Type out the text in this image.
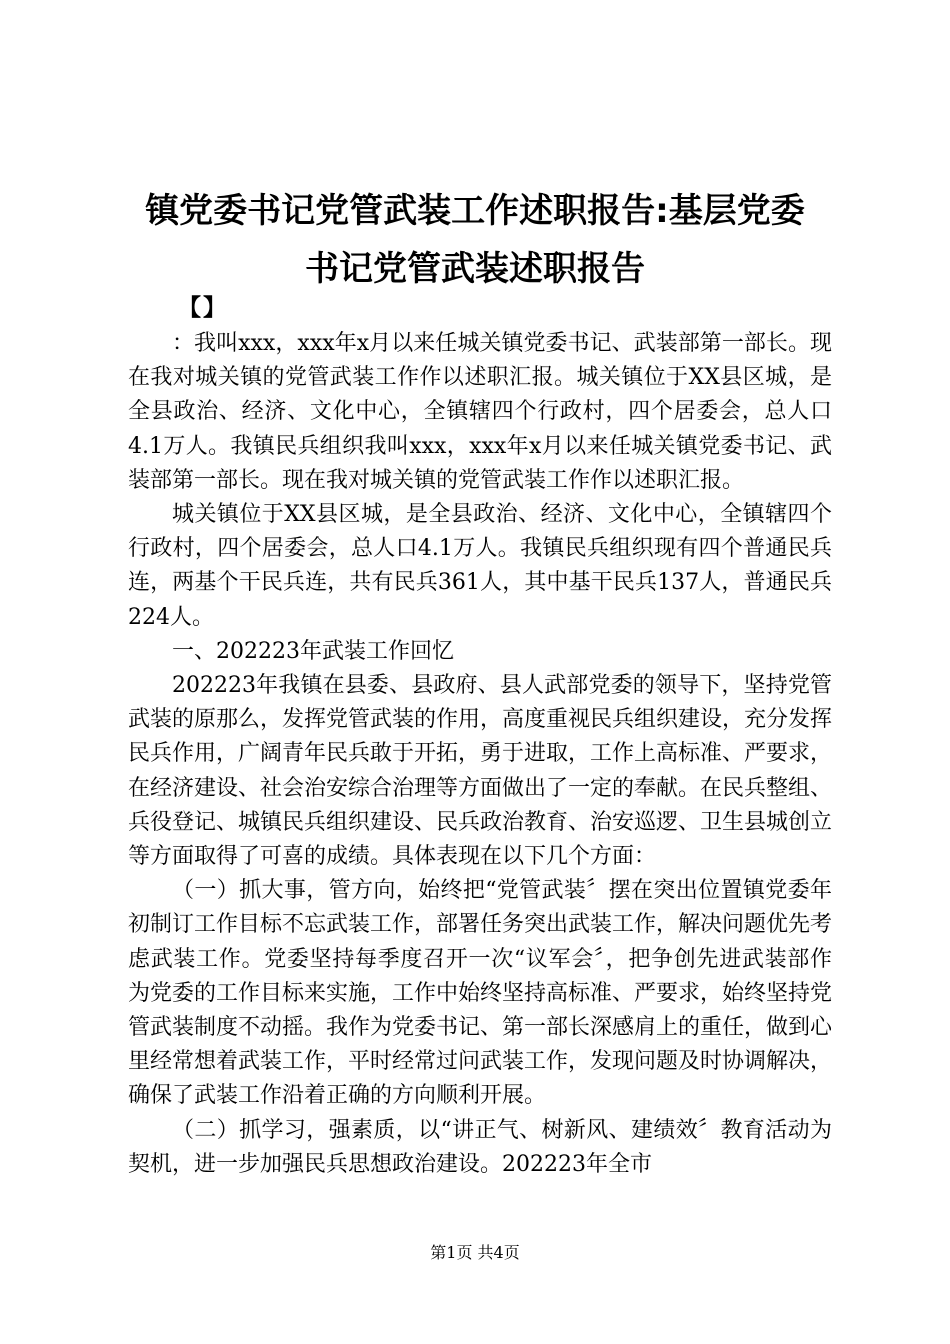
镇党委书记党管武装工作述职报告:基层党委
书记党管武装述职报告
【】

：我叫xxx，xxx年x月以来任城关镇党委书记、武装部第一部长。现在我对城关镇的党管武装工作作以述职汇报。城关镇位于XX县区城，是全县政治、经济、文化中心，全镇辖四个行政村，四个居委会，总人口4.1万人。我镇民兵组织我叫xxx，xxx年x月以来任城关镇党委书记、武装部第一部长。现在我对城关镇的党管武装工作作以述职汇报。

城关镇位于XX县区城，是全县政治、经济、文化中心，全镇辖四个行政村，四个居委会，总人口4.1万人。我镇民兵组织现有四个普通民兵连，两基个干民兵连，共有民兵361人，其中基干民兵137人，普通民兵224人。

一、202223年武装工作回忆

202223年我镇在县委、县政府、县人武部党委的领导下，坚持党管武装的原那么，发挥党管武装的作用，高度重视民兵组织建设，充分发挥民兵作用，广阔青年民兵敢于开拓，勇于进取，工作上高标准、严要求，在经济建设、社会治安综合治理等方面做出了一定的奉献。在民兵整组、兵役登记、城镇民兵组织建设、民兵政治教育、治安巡逻、卫生县城创立等方面取得了可喜的成绩。具体表现在以下几个方面：

（一）抓大事，管方向，始终把“党管武装〞摆在突出位置镇党委年初制订工作目标不忘武装工作，部署任务突出武装工作，解决问题优先考虑武装工作。党委坚持每季度召开一次“议军会〞，把争创先进武装部作为党委的工作目标来实施，工作中始终坚持高标准、严要求，始终坚持党管武装制度不动摇。我作为党委书记、第一部长深感肩上的重任，做到心里经常想着武装工作，平时经常过问武装工作，发现问题及时协调解决，确保了武装工作沿着正确的方向顺利开展。

（二）抓学习，强素质，以“讲正气、树新风、建绩效〞教育活动为契机，进一步加强民兵思想政治建设。202223年全市

第1页 共4页
